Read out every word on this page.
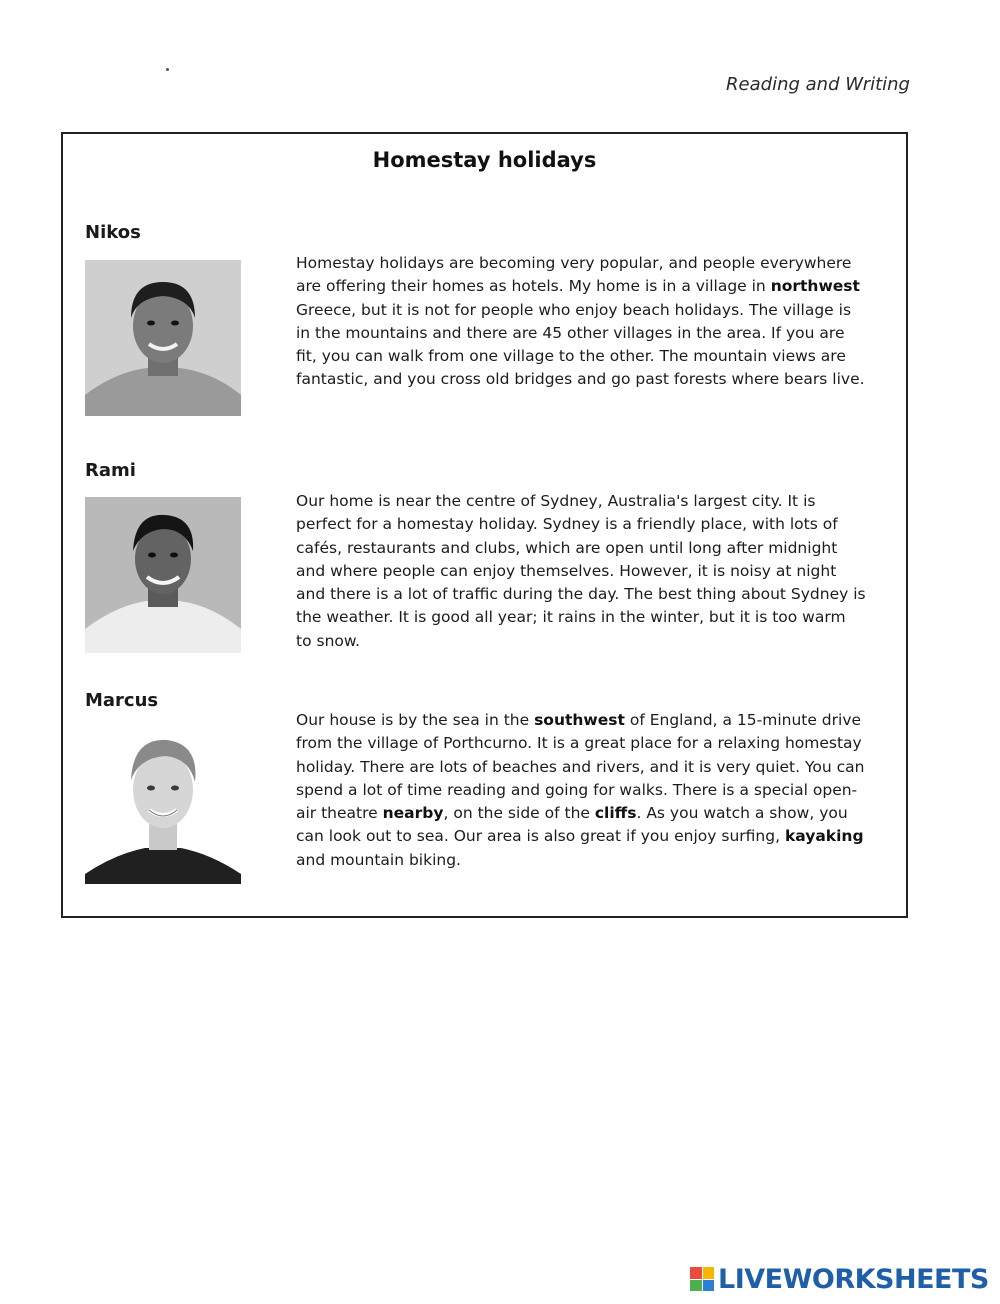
Reading and Writing
Homestay holidays
Nikos
Homestay holidays are becoming very popular, and people everywhere are offering their homes as hotels. My home is in a village in northwest Greece, but it is not for people who enjoy beach holidays. The village is in the mountains and there are 45 other villages in the area. If you are fit, you can walk from one village to the other. The mountain views are fantastic, and you cross old bridges and go past forests where bears live.
Rami
Our home is near the centre of Sydney, Australia's largest city. It is perfect for a homestay holiday. Sydney is a friendly place, with lots of cafés, restaurants and clubs, which are open until long after midnight and where people can enjoy themselves. However, it is noisy at night and there is a lot of traffic during the day. The best thing about Sydney is the weather. It is good all year; it rains in the winter, but it is too warm to snow.
Marcus
Our house is by the sea in the southwest of England, a 15-minute drive from the village of Porthcurno. It is a great place for a relaxing homestay holiday. There are lots of beaches and rivers, and it is very quiet. You can spend a lot of time reading and going for walks. There is a special open-air theatre nearby, on the side of the cliffs. As you watch a show, you can look out to sea. Our area is also great if you enjoy surfing, kayaking and mountain biking.
LIVEWORKSHEETS
